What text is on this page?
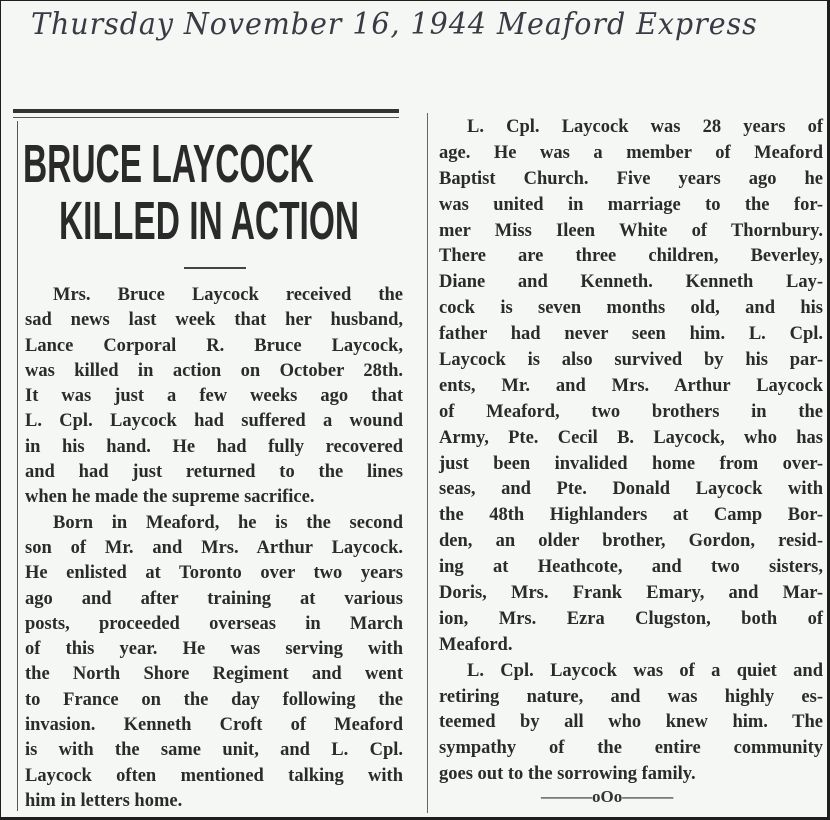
Thursday November 16, 1944 Meaford Express
BRUCE LAYCOCK
KILLED IN ACTION
Mrs. Bruce Laycock received the
sad news last week that her husband,
Lance Corporal R. Bruce Laycock,
was killed in action on October 28th.
It was just a few weeks ago that
L. Cpl. Laycock had suffered a wound
in his hand. He had fully recovered
and had just returned to the lines
when he made the supreme sacrifice.
Born in Meaford, he is the second
son of Mr. and Mrs. Arthur Laycock.
He enlisted at Toronto over two years
ago and after training at various
posts, proceeded overseas in March
of this year. He was serving with
the North Shore Regiment and went
to France on the day following the
invasion. Kenneth Croft of Meaford
is with the same unit, and L. Cpl.
Laycock often mentioned talking with
him in letters home.
L. Cpl. Laycock was 28 years of
age. He was a member of Meaford
Baptist Church. Five years ago he
was united in marriage to the for-
mer Miss Ileen White of Thornbury.
There are three children, Beverley,
Diane and Kenneth. Kenneth Lay-
cock is seven months old, and his
father had never seen him. L. Cpl.
Laycock is also survived by his par-
ents, Mr. and Mrs. Arthur Laycock
of Meaford, two brothers in the
Army, Pte. Cecil B. Laycock, who has
just been invalided home from over-
seas, and Pte. Donald Laycock with
the 48th Highlanders at Camp Bor-
den, an older brother, Gordon, resid-
ing at Heathcote, and two sisters,
Doris, Mrs. Frank Emary, and Mar-
ion, Mrs. Ezra Clugston, both of
Meaford.
L. Cpl. Laycock was of a quiet and
retiring nature, and was highly es-
teemed by all who knew him. The
sympathy of the entire community
goes out to the sorrowing family.
———oOo———
